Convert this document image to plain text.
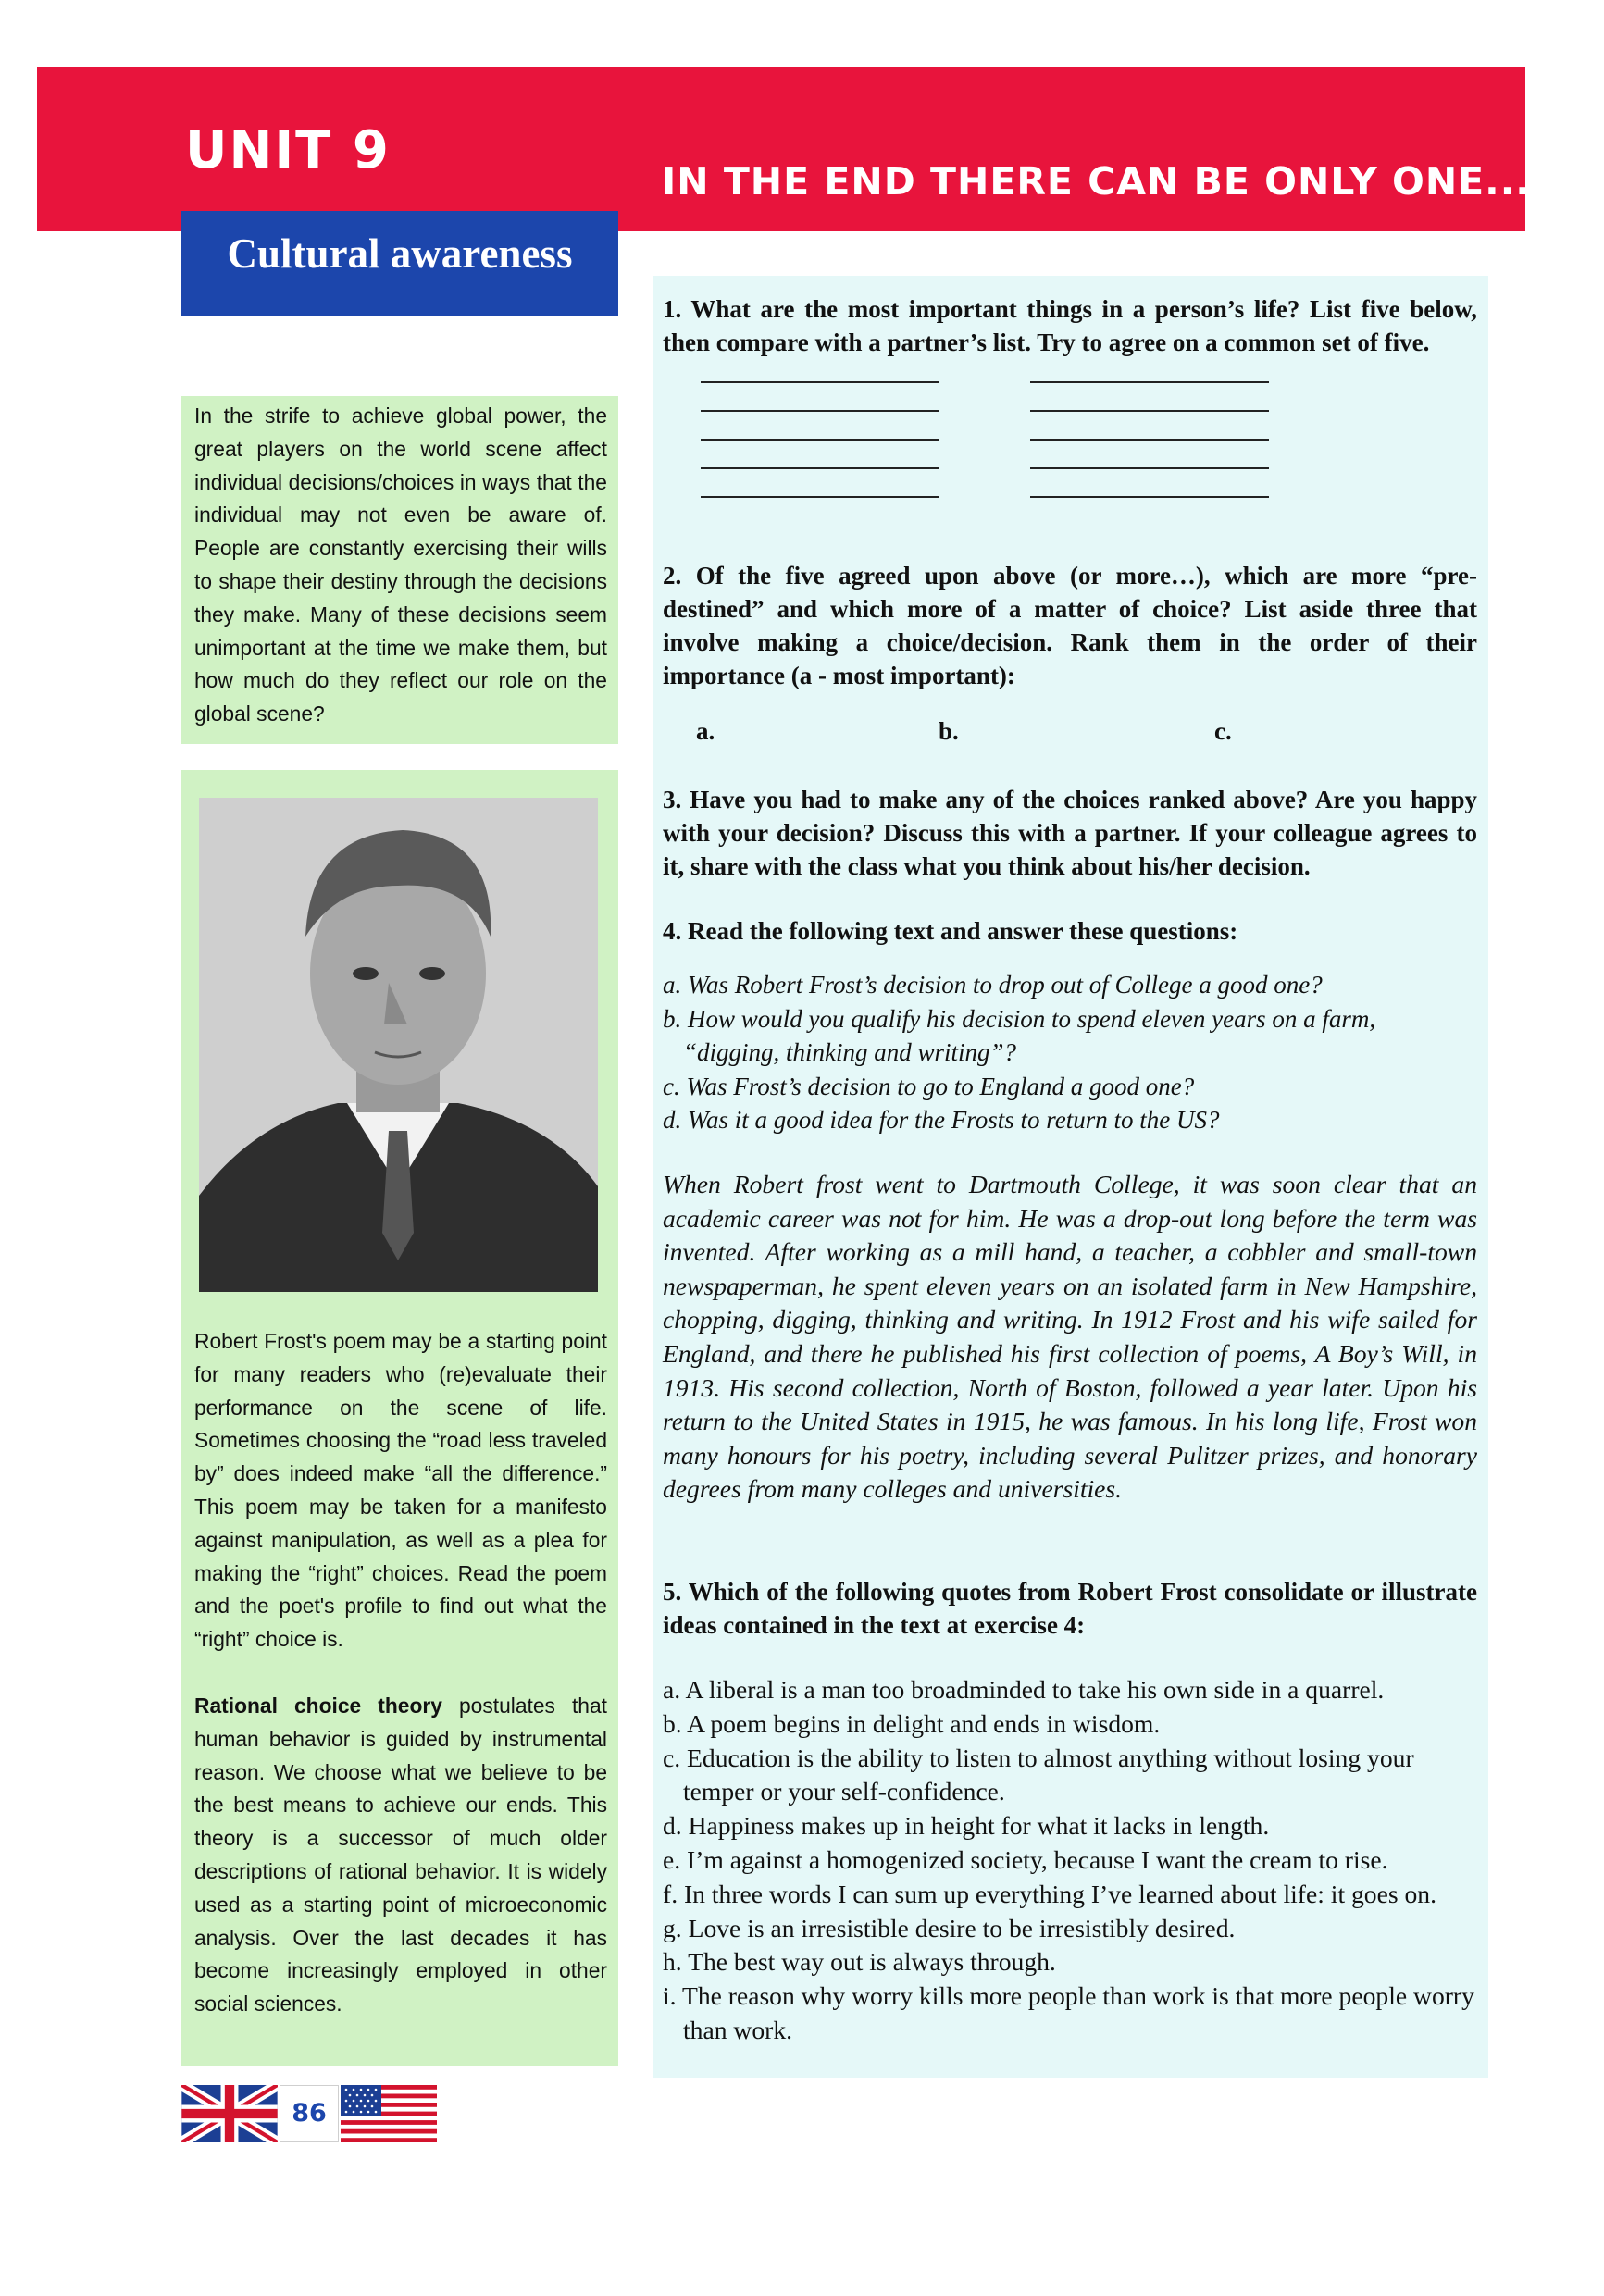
UNIT 9
IN THE END THERE CAN BE ONLY ONE...
Cultural awareness
In the strife to achieve global power, the great players on the world scene affect individual decisions/choices in ways that the individual may not even be aware of. People are constantly exercising their wills to shape their destiny through the decisions they make. Many of these decisions seem unimportant at the time we make them, but how much do they reflect our role on the global scene?
Robert Frost's poem may be a starting point for many readers who (re)evaluate their performance on the scene of life. Sometimes choosing the “road less traveled by” does indeed make “all the difference.” This poem may be taken for a manifesto against manipulation, as well as a plea for making the “right” choices. Read the poem and the poet's profile to find out what the “right” choice is.
Rational choice theory postulates that human behavior is guided by instrumental reason. We choose what we believe to be the best means to achieve our ends. This theory is a successor of much older descriptions of rational behavior. It is widely used as a starting point of microeconomic analysis. Over the last decades it has become increasingly employed in other social sciences.
1. What are the most important things in a person’s life? List five below, then compare with a partner’s list. Try to agree on a common set of five.
2. Of the five agreed upon above (or more…), which are more “pre-destined” and which more of a matter of choice? List aside three that involve making a choice/decision. Rank them in the order of their importance (a - most important):
a.	b.	c.
3. Have you had to make any of the choices ranked above? Are you happy with your decision? Discuss this with a partner. If your colleague agrees to it, share with the class what you think about his/her decision.
4. Read the following text and answer these questions:
a. Was Robert Frost’s decision to drop out of College a good one?
b. How would you qualify his decision to spend eleven years on a farm, “digging, thinking and writing”?
c. Was Frost’s decision to go to England a good one?
d. Was it a good idea for the Frosts to return to the US?
When Robert frost went to Dartmouth College, it was soon clear that an academic career was not for him. He was a drop-out long before the term was invented. After working as a mill hand, a teacher, a cobbler and small-town newspaperman, he spent eleven years on an isolated farm in New Hampshire, chopping, digging, thinking and writing. In 1912 Frost and his wife sailed for England, and there he published his first collection of poems, A Boy’s Will, in 1913. His second collection, North of Boston, followed a year later. Upon his return to the United States in 1915, he was famous. In his long life, Frost won many honours for his poetry, including several Pulitzer prizes, and honorary degrees from many colleges and universities.
5. Which of the following quotes from Robert Frost consolidate or illustrate ideas contained in the text at exercise 4:
a. A liberal is a man too broadminded to take his own side in a quarrel.
b. A poem begins in delight and ends in wisdom.
c. Education is the ability to listen to almost anything without losing your temper or your self-confidence.
d. Happiness makes up in height for what it lacks in length.
e. I’m against a homogenized society, because I want the cream to rise.
f. In three words I can sum up everything I’ve learned about life: it goes on.
g. Love is an irresistible desire to be irresistibly desired.
h. The best way out is always through.
i. The reason why worry kills more people than work is that more people worry than work.
86
